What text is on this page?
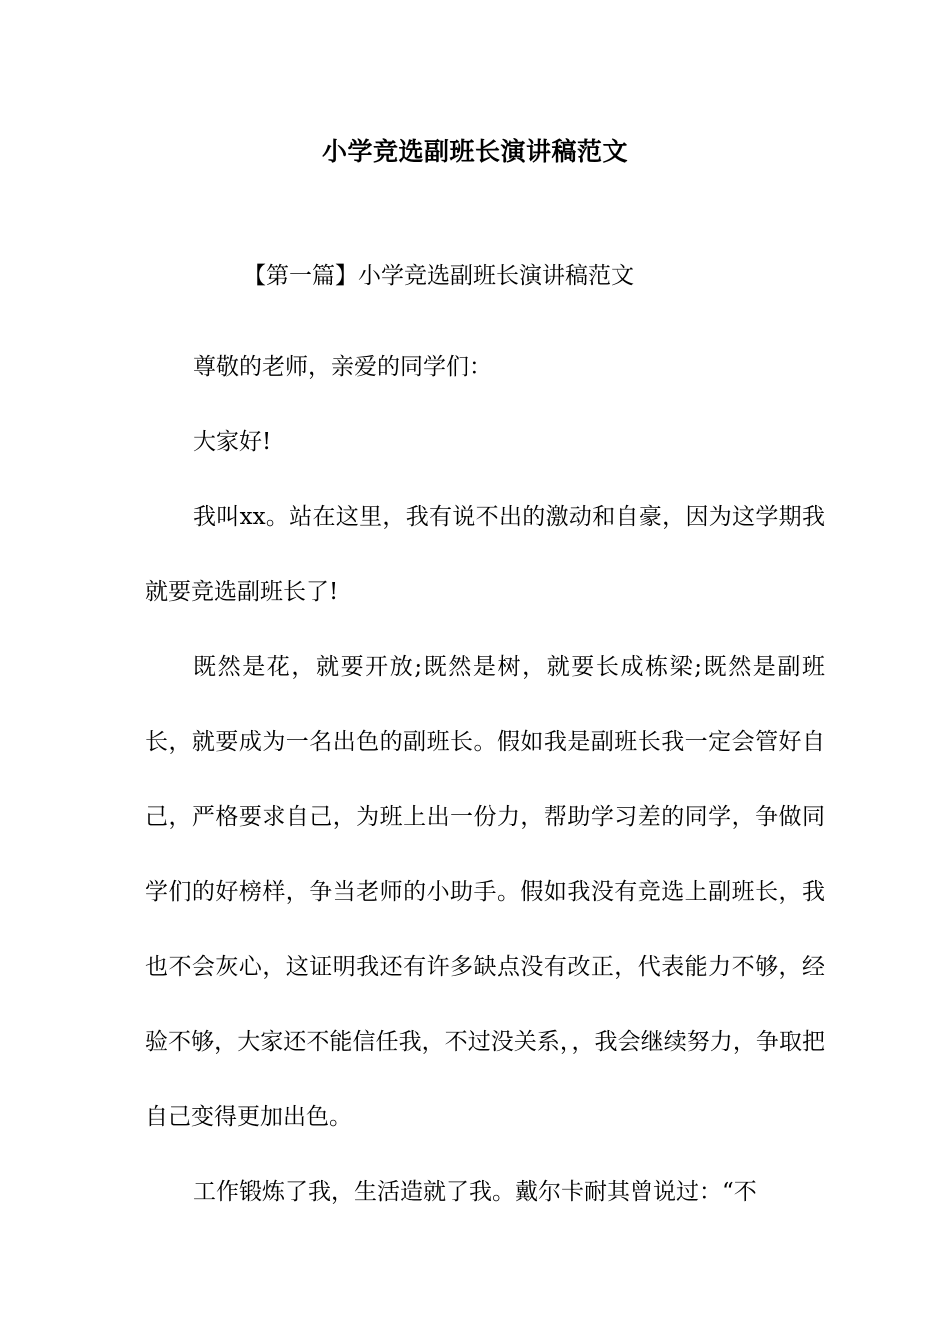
小学竞选副班长演讲稿范文
【第一篇】小学竞选副班长演讲稿范文

尊敬的老师，亲爱的同学们：

大家好!

我叫xx。站在这里，我有说不出的激动和自豪，因为这学期我就要竞选副班长了!

既然是花，就要开放;既然是树，就要长成栋梁;既然是副班长，就要成为一名出色的副班长。假如我是副班长我一定会管好自己，严格要求自己，为班上出一份力，帮助学习差的同学，争做同学们的好榜样，争当老师的小助手。假如我没有竞选上副班长，我也不会灰心，这证明我还有许多缺点没有改正，代表能力不够，经验不够，大家还不能信任我，不过没关系，，我会继续努力，争取把自己变得更加出色。

工作锻炼了我，生活造就了我。戴尔卡耐其曾说过：“不
